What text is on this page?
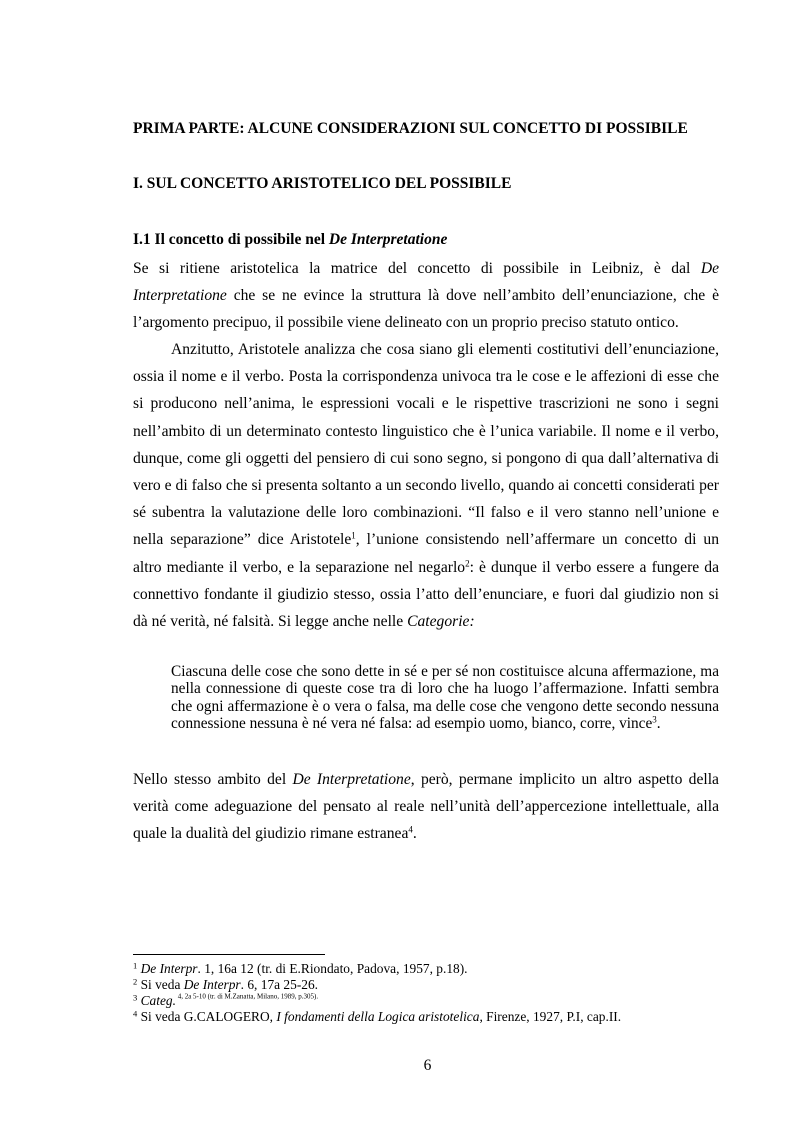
PRIMA PARTE: ALCUNE CONSIDERAZIONI SUL CONCETTO DI POSSIBILE
I. SUL CONCETTO ARISTOTELICO DEL POSSIBILE
I.1 Il concetto di possibile nel De Interpretatione

Se si ritiene aristotelica la matrice del concetto di possibile in Leibniz, è dal De Interpretatione che se ne evince la struttura là dove nell’ambito dell’enunciazione, che è l’argomento precipuo, il possibile viene delineato con un proprio preciso statuto ontico.

Anzitutto, Aristotele analizza che cosa siano gli elementi costitutivi dell’enunciazione, ossia il nome e il verbo. Posta la corrispondenza univoca tra le cose e le affezioni di esse che si producono nell’anima, le espressioni vocali e le rispettive trascrizioni ne sono i segni nell’ambito di un determinato contesto linguistico che è l’unica variabile. Il nome e il verbo, dunque, come gli oggetti del pensiero di cui sono segno, si pongono di qua dall’alternativa di vero e di falso che si presenta soltanto a un secondo livello, quando ai concetti considerati per sé subentra la valutazione delle loro combinazioni. “Il falso e il vero stanno nell’unione e nella separazione” dice Aristotele$^1$, l’unione consistendo nell’affermare un concetto di un altro mediante il verbo, e la separazione nel negarlo$^2$: è dunque il verbo essere a fungere da connettivo fondante il giudizio stesso, ossia l’atto dell’enunciare, e fuori dal giudizio non si dà né verità, né falsità. Si legge anche nelle Categorie:

Ciascuna delle cose che sono dette in sé e per sé non costituisce alcuna affermazione, ma nella connessione di queste cose tra di loro che ha luogo l’affermazione. Infatti sembra che ogni affermazione è o vera o falsa, ma delle cose che vengono dette secondo nessuna connessione nessuna è né vera né falsa: ad esempio uomo, bianco, corre, vince$^3$.

Nello stesso ambito del De Interpretatione, però, permane implicito un altro aspetto della verità come adeguazione del pensato al reale nell’unità dell’appercezione intellettuale, alla quale la dualità del giudizio rimane estranea$^4$.

$^1$ De Interpr. 1, 16a 12 (tr. di E.Riondato, Padova, 1957, p.18).
$^2$ Si veda De Interpr. 6, 17a 25-26.
$^3$ Categ. $^{4, 2a 5-10 (tr. di M.Zanatta, Milano, 1989, p.305).}$
$^4$ Si veda G.CALOGERO, I fondamenti della Logica aristotelica, Firenze, 1927, P.I, cap.II.

6
